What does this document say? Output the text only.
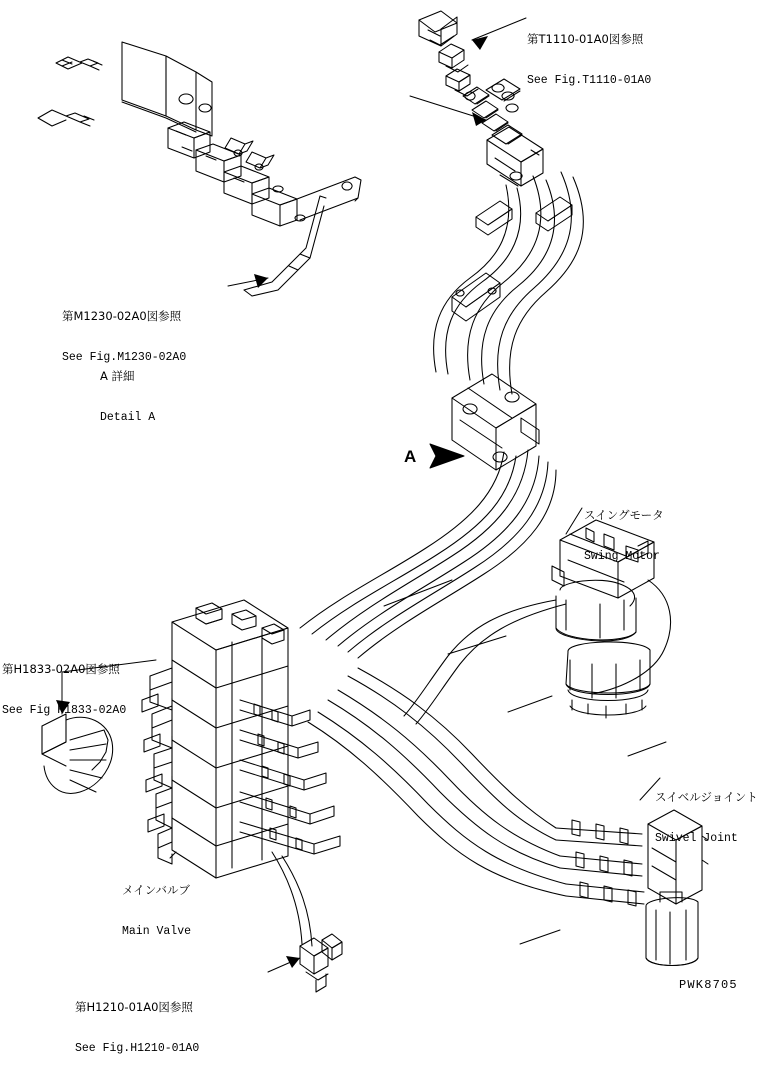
第T1110-01A0図参照

See Fig.T1110-01A0

第M1230-02A0図参照

See Fig.M1230-02A0

A 詳細

Detail A

スイングモータ

Swing Motor

第H1833-02A0図参照

See Fig H1833-02A0

スイベルジョイント

Swivel Joint

メインバルブ

Main Valve

第H1210-01A0図参照

See Fig.H1210-01A0

A
PWK8705
